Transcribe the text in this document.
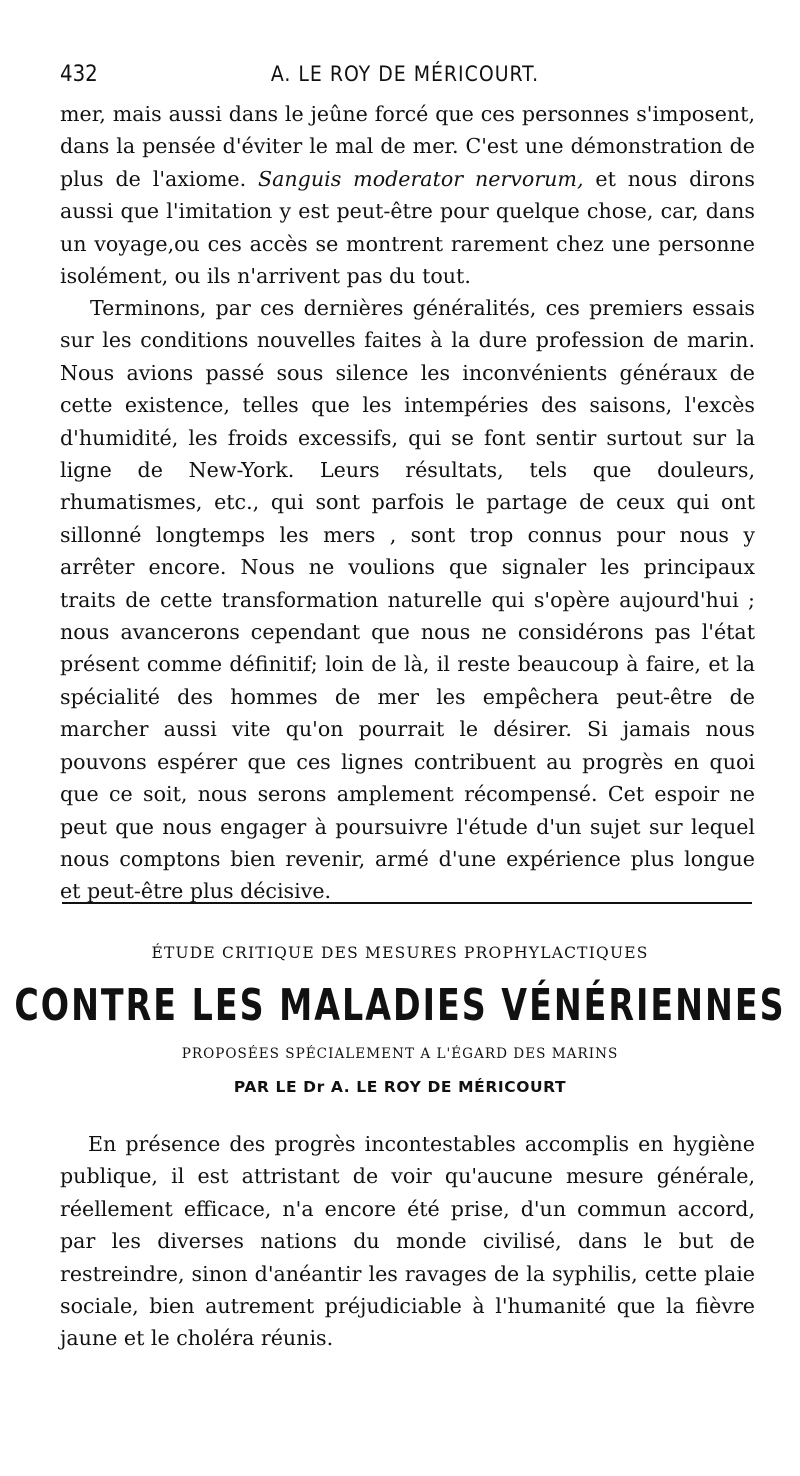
432	A. LE ROY DE MÉRICOURT.

mer, mais aussi dans le jeûne forcé que ces personnes s'imposent, dans la pensée d'éviter le mal de mer. C'est une démonstration de plus de l'axiome. Sanguis moderator nervorum, et nous dirons aussi que l'imitation y est peut-être pour quelque chose, car, dans un voyage,ou ces accès se montrent rarement chez une personne isolément, ou ils n'arrivent pas du tout.

Terminons, par ces dernières généralités, ces premiers essais sur les conditions nouvelles faites à la dure profession de marin. Nous avions passé sous silence les inconvénients généraux de cette existence, telles que les intempéries des saisons, l'excès d'humidité, les froids excessifs, qui se font sentir surtout sur la ligne de New-York. Leurs résultats, tels que douleurs, rhumatismes, etc., qui sont parfois le partage de ceux qui ont sillonné longtemps les mers , sont trop connus pour nous y arrêter encore. Nous ne voulions que signaler les principaux traits de cette transformation naturelle qui s'opère aujourd'hui ; nous avancerons cependant que nous ne considérons pas l'état présent comme définitif; loin de là, il reste beaucoup à faire, et la spécialité des hommes de mer les empêchera peut-être de marcher aussi vite qu'on pourrait le désirer. Si jamais nous pouvons espérer que ces lignes contribuent au progrès en quoi que ce soit, nous serons amplement récompensé. Cet espoir ne peut que nous engager à poursuivre l'étude d'un sujet sur lequel nous comptons bien revenir, armé d'une expérience plus longue et peut-être plus décisive.

ÉTUDE CRITIQUE DES MESURES PROPHYLACTIQUES
CONTRE LES MALADIES VÉNÉRIENNES
PROPOSÉES SPÉCIALEMENT A L'ÉGARD DES MARINS
PAR LE Dr A. LE ROY DE MÉRICOURT

En présence des progrès incontestables accomplis en hygiène publique, il est attristant de voir qu'aucune mesure générale, réellement efficace, n'a encore été prise, d'un commun accord, par les diverses nations du monde civilisé, dans le but de restreindre, sinon d'anéantir les ravages de la syphilis, cette plaie sociale, bien autrement préjudiciable à l'humanité que la fièvre jaune et le choléra réunis.
